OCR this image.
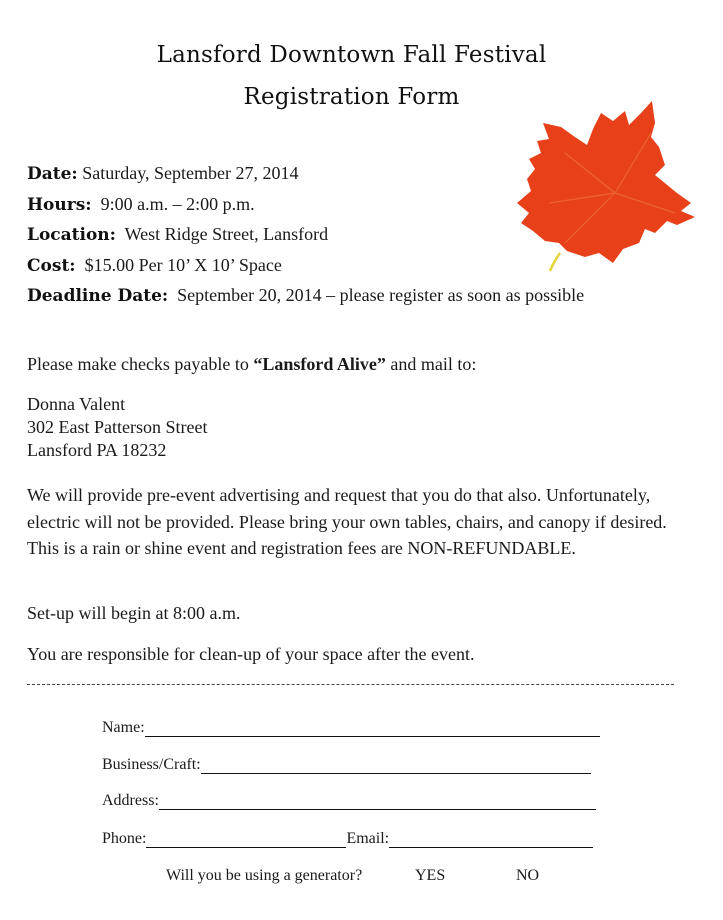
Lansford Downtown Fall Festival
Registration Form
Date: Saturday, September 27, 2014
Hours:  9:00 a.m. – 2:00 p.m.
Location:  West Ridge Street, Lansford
Cost:  $15.00 Per 10’ X 10’ Space
Deadline Date:  September 20, 2014 – please register as soon as possible
Please make checks payable to “Lansford Alive” and mail to:
Donna Valent
302 East Patterson Street
Lansford PA 18232
We will provide pre-event advertising and request that you do that also. Unfortunately, electric will not be provided. Please bring your own tables, chairs, and canopy if desired. This is a rain or shine event and registration fees are NON-REFUNDABLE.
Set-up will begin at 8:00 a.m.
You are responsible for clean-up of your space after the event.
Name:
Business/Craft:
Address:
Phone:	Email:
Will you be using a generator?	YES	NO
